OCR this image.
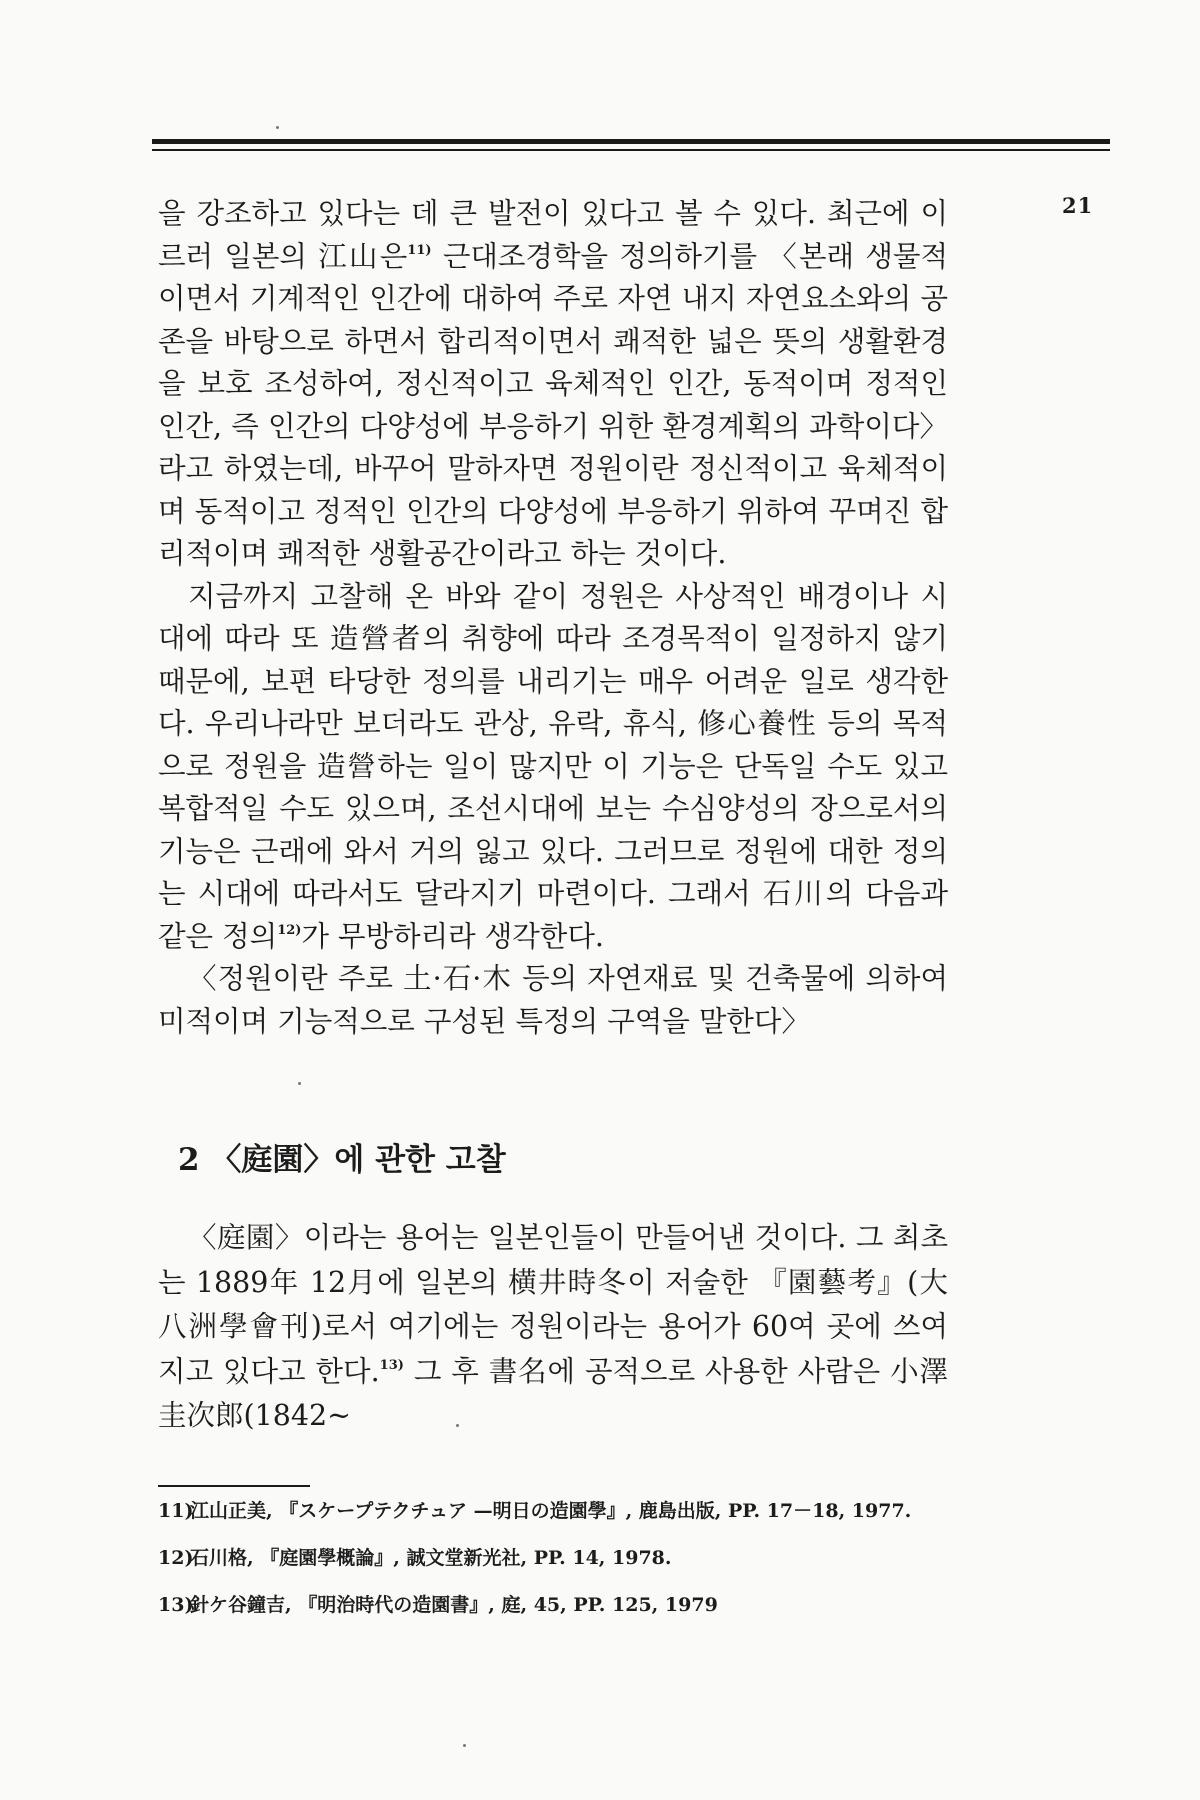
21

을 강조하고 있다는 데 큰 발전이 있다고 볼 수 있다. 최근에 이르러 일본의 江山은$^{11)}$ 근대조경학을 정의하기를 〈본래 생물적이면서 기계적인 인간에 대하여 주로 자연 내지 자연요소와의 공존을 바탕으로 하면서 합리적이면서 쾌적한 넓은 뜻의 생활환경을 보호 조성하여, 정신적이고 육체적인 인간, 동적이며 정적인 인간, 즉 인간의 다양성에 부응하기 위한 환경계획의 과학이다〉라고 하였는데, 바꾸어 말하자면 정원이란 정신적이고 육체적이며 동적이고 정적인 인간의 다양성에 부응하기 위하여 꾸며진 합리적이며 쾌적한 생활공간이라고 하는 것이다.

지금까지 고찰해 온 바와 같이 정원은 사상적인 배경이나 시대에 따라 또 造營者의 취향에 따라 조경목적이 일정하지 않기 때문에, 보편 타당한 정의를 내리기는 매우 어려운 일로 생각한다. 우리나라만 보더라도 관상, 유락, 휴식, 修心養性 등의 목적으로 정원을 造營하는 일이 많지만 이 기능은 단독일 수도 있고 복합적일 수도 있으며, 조선시대에 보는 수심양성의 장으로서의 기능은 근래에 와서 거의 잃고 있다. 그러므로 정원에 대한 정의는 시대에 따라서도 달라지기 마련이다. 그래서 石川의 다음과 같은 정의$^{12)}$가 무방하리라 생각한다.

〈정원이란 주로 土·石·木 등의 자연재료 및 건축물에 의하여 미적이며 기능적으로 구성된 특정의 구역을 말한다〉

2 〈庭園〉에 관한 고찰

〈庭園〉이라는 용어는 일본인들이 만들어낸 것이다. 그 최초는 1889年 12月에 일본의 横井時冬이 저술한 『園藝考』(大八洲學會刊)로서 여기에는 정원이라는 용어가 60여 곳에 쓰여지고 있다고 한다.$^{13)}$ 그 후 書名에 공적으로 사용한 사람은 小澤圭次郎(1842~

11)
江山正美, 『スケープテクチュア —明日の造園學』, 鹿島出版, PP. 17－18, 1977.
12)
石川格, 『庭園學概論』, 誠文堂新光社, PP. 14, 1978.
13)
針ケ谷鐘吉, 『明治時代の造園書』, 庭, 45, PP. 125, 1979
